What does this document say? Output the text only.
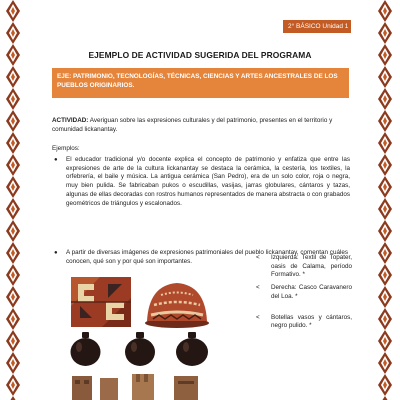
2° BÁSICO Unidad 1
EJEMPLO DE ACTIVIDAD SUGERIDA DEL PROGRAMA
EJE: PATRIMONIO, TECNOLOGÍAS, TÉCNICAS, CIENCIAS Y ARTES ANCESTRALES DE LOS PUEBLOS ORIGINARIOS.
ACTIVIDAD: Averiguan sobre las expresiones culturales y del patrimonio, presentes en el territorio y comunidad lickanantay.
Ejemplos:
● El educador tradicional y/o docente explica el concepto de patrimonio y enfatiza que entre las expresiones de arte de la cultura lickanantay se destaca la cerámica, la cestería, los textiles, la orfebrería, el baile y música. La antigua cerámica (San Pedro), era de un solo color, roja o negra, muy bien pulida. Se fabricaban pukos o escudillas, vasijas, jarras globulares, cántaros y tazas, algunas de ellas decoradas con rostros humanos representados de manera abstracta o con grabados geométricos de triángulos y escalonados.
● A partir de diversas imágenes de expresiones patrimoniales del pueblo lickanantay, comentan cuáles conocen, qué son y por qué son importantes.
< Izquierda: Textil de Topater, oasis de Calama, período Formativo. *
< Derecha: Casco Caravanero del Loa. *
< Botellas vasos y cántaros, negro pulido. *
